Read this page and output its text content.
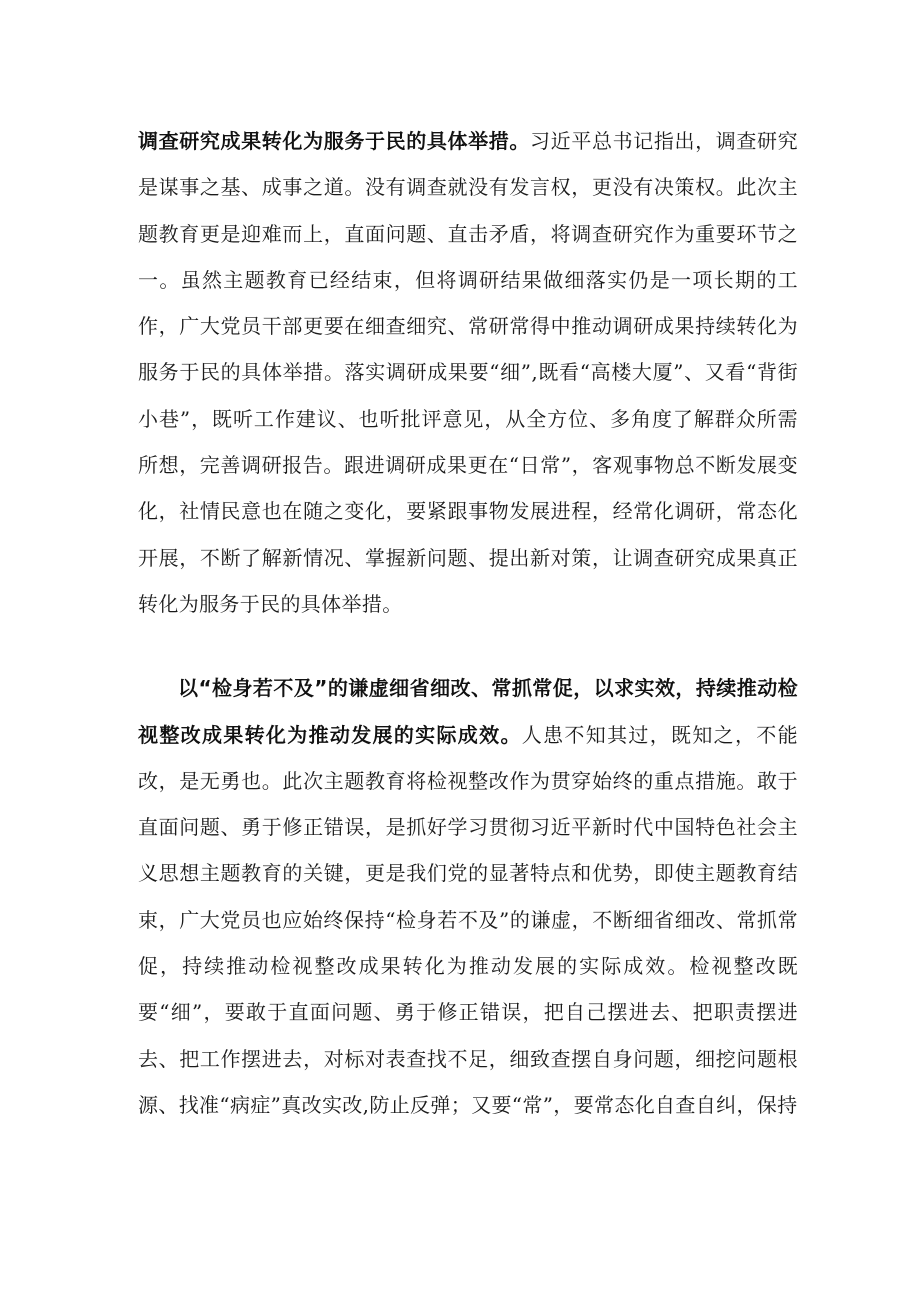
调查研究成果转化为服务于民的具体举措。习近平总书记指出，调查研究是谋事之基、成事之道。没有调查就没有发言权，更没有决策权。此次主题教育更是迎难而上，直面问题、直击矛盾，将调查研究作为重要环节之一。虽然主题教育已经结束，但将调研结果做细落实仍是一项长期的工作，广大党员干部更要在细查细究、常研常得中推动调研成果持续转化为服务于民的具体举措。落实调研成果要“细”,既看“高楼大厦”、又看“背街小巷”，既听工作建议、也听批评意见，从全方位、多角度了解群众所需所想，完善调研报告。跟进调研成果更在“日常”，客观事物总不断发展变化，社情民意也在随之变化，要紧跟事物发展进程，经常化调研，常态化开展，不断了解新情况、掌握新问题、提出新对策，让调查研究成果真正转化为服务于民的具体举措。

以“检身若不及”的谦虚细省细改、常抓常促，以求实效，持续推动检视整改成果转化为推动发展的实际成效。人患不知其过，既知之，不能改，是无勇也。此次主题教育将检视整改作为贯穿始终的重点措施。敢于直面问题、勇于修正错误，是抓好学习贯彻习近平新时代中国特色社会主义思想主题教育的关键，更是我们党的显著特点和优势，即使主题教育结束，广大党员也应始终保持“检身若不及”的谦虚，不断细省细改、常抓常促，持续推动检视整改成果转化为推动发展的实际成效。检视整改既要“细”，要敢于直面问题、勇于修正错误，把自己摆进去、把职责摆进去、把工作摆进去，对标对表查找不足，细致查摆自身问题，细挖问题根源、找准“病症”真改实改,防止反弹；又要“常”，要常态化自查自纠，保持
